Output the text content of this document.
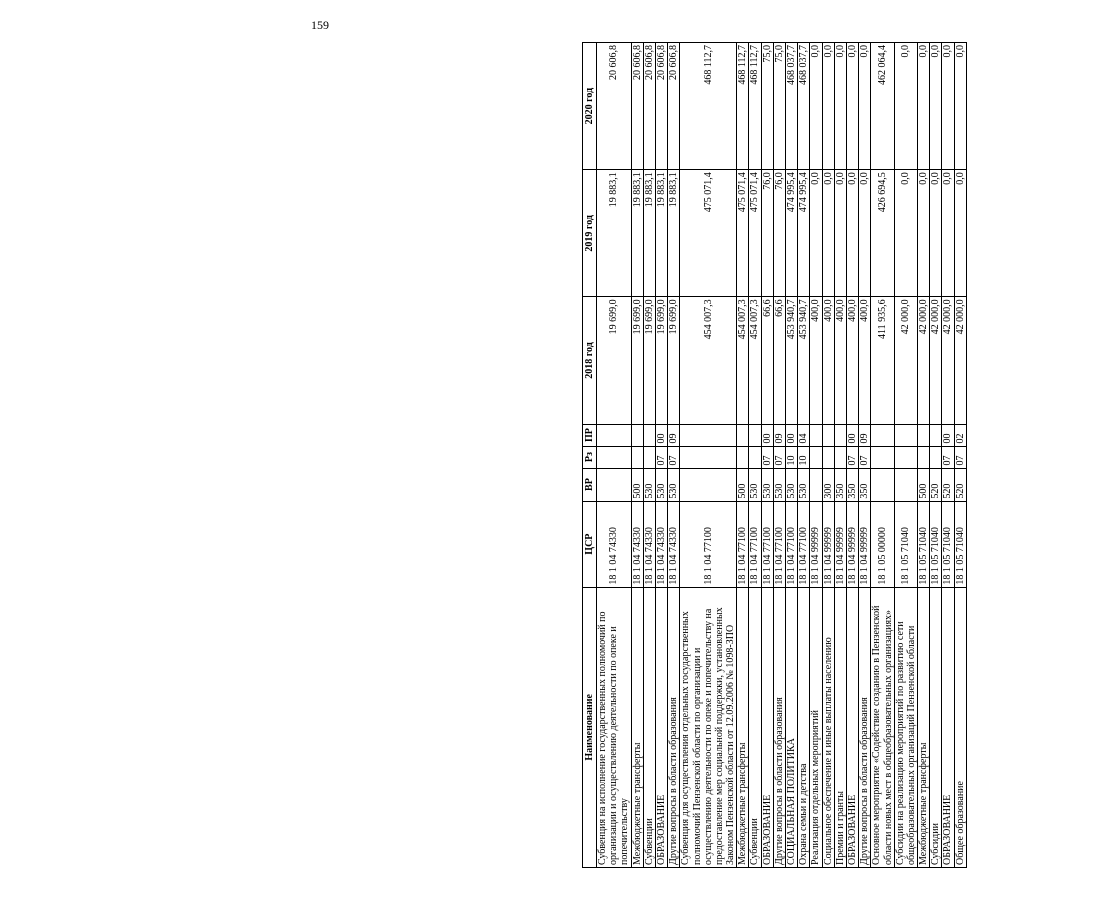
159
Наименование	ЦСР	ВР	Рз	ПР	2018 год	2019 год	2020 год
Субвенция на исполнение государственных полномочий по организации и осуществлению деятельности по опеке и попечительству	18 1 04 74330				19 699,0	19 883,1	20 606,8
Межбюджетные трансферты	18 1 04 74330	500			19 699,0	19 883,1	20 606,8
Субвенции	18 1 04 74330	530			19 699,0	19 883,1	20 606,8
ОБРАЗОВАНИЕ	18 1 04 74330	530	07	00	19 699,0	19 883,1	20 606,8
Другие вопросы в области образования	18 1 04 74330	530	07	09	19 699,0	19 883,1	20 606,8
Субвенция для осуществления отдельных государственных полномочий Пензенской области по организации и осуществлению деятельности по опеке и попечительству на предоставление мер социальной поддержки, установленных Законом Пензенской области от 12.09.2006 № 1098-ЗПО	18 1 04 77100				454 007,3	475 071,4	468 112,7
Межбюджетные трансферты	18 1 04 77100	500			454 007,3	475 071,4	468 112,7
Субвенции	18 1 04 77100	530			454 007,3	475 071,4	468 112,7
ОБРАЗОВАНИЕ	18 1 04 77100	530	07	00	66,6	76,0	75,0
Другие вопросы в области образования	18 1 04 77100	530	07	09	66,6	76,0	75,0
СОЦИАЛЬНАЯ ПОЛИТИКА	18 1 04 77100	530	10	00	453 940,7	474 995,4	468 037,7
Охрана семьи и детства	18 1 04 77100	530	10	04	453 940,7	474 995,4	468 037,7
Реализация отдельных мероприятий	18 1 04 99999				400,0	0,0	0,0
Социальное обеспечение и иные выплаты населению	18 1 04 99999	300			400,0	0,0	0,0
Премии и гранты	18 1 04 99999	350			400,0	0,0	0,0
ОБРАЗОВАНИЕ	18 1 04 99999	350	07	00	400,0	0,0	0,0
Другие вопросы в области образования	18 1 04 99999	350	07	09	400,0	0,0	0,0
Основное мероприятие «Содействие созданию в Пензенской области новых мест в общеобразовательных организациях»	18 1 05 00000				411 935,6	426 694,5	462 064,4
Субсидии на реализацию мероприятий по развитию сети общеобразовательных организаций Пензенской области	18 1 05 71040				42 000,0	0,0	0,0
Межбюджетные трансферты	18 1 05 71040	500			42 000,0	0,0	0,0
Субсидии	18 1 05 71040	520			42 000,0	0,0	0,0
ОБРАЗОВАНИЕ	18 1 05 71040	520	07	00	42 000,0	0,0	0,0
Общее образование	18 1 05 71040	520	07	02	42 000,0	0,0	0,0
